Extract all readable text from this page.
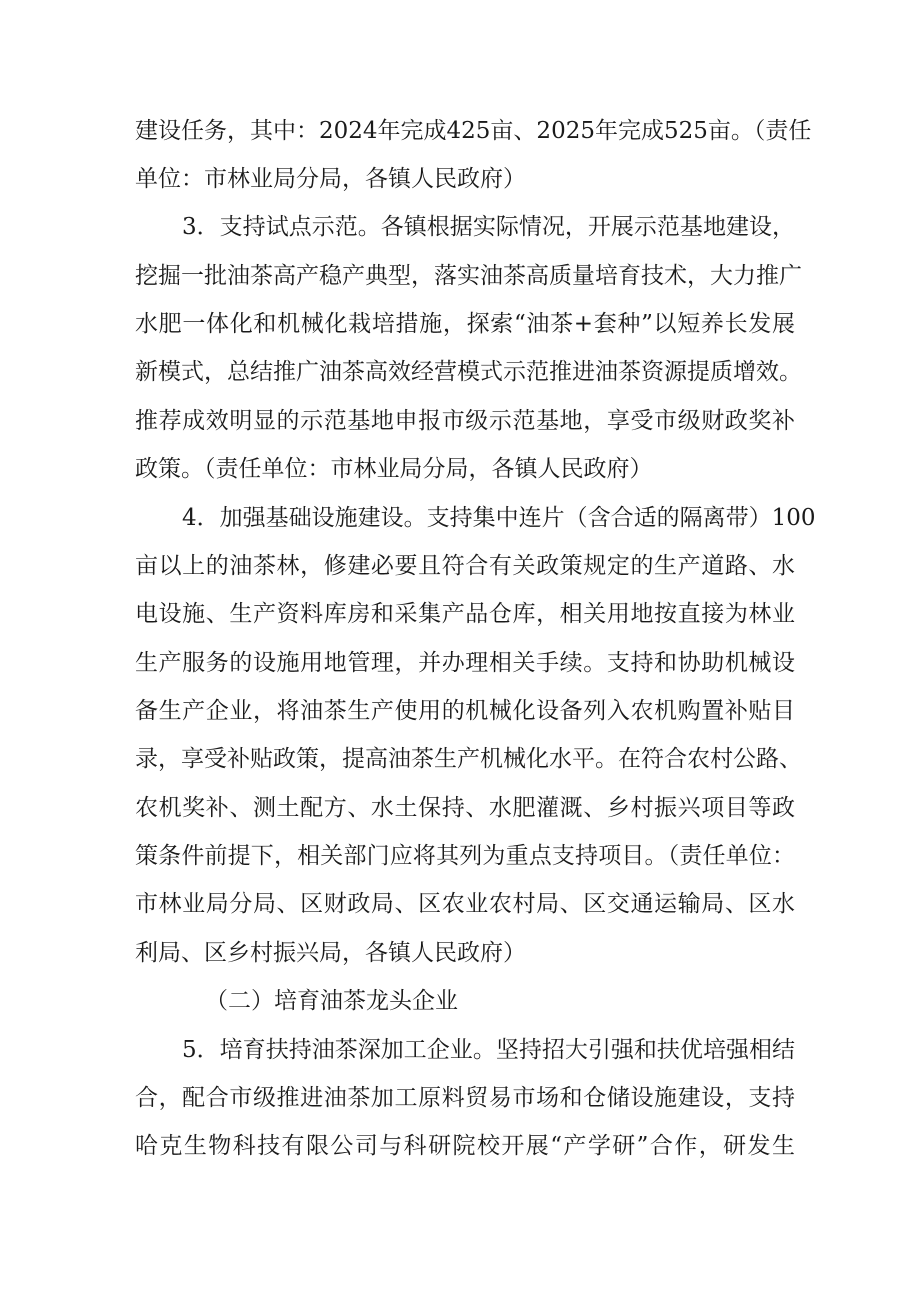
建设任务，其中：2024年完成425亩、2025年完成525亩。（责任
单位：市林业局分局，各镇人民政府）
3．支持试点示范。各镇根据实际情况，开展示范基地建设，
挖掘一批油茶高产稳产典型，落实油茶高质量培育技术，大力推广
水肥一体化和机械化栽培措施，探索“油茶+套种”以短养长发展
新模式，总结推广油茶高效经营模式示范推进油茶资源提质增效。
推荐成效明显的示范基地申报市级示范基地，享受市级财政奖补
政策。（责任单位：市林业局分局，各镇人民政府）
4．加强基础设施建设。支持集中连片（含合适的隔离带）100
亩以上的油茶林，修建必要且符合有关政策规定的生产道路、水
电设施、生产资料库房和采集产品仓库，相关用地按直接为林业
生产服务的设施用地管理，并办理相关手续。支持和协助机械设
备生产企业，将油茶生产使用的机械化设备列入农机购置补贴目
录，享受补贴政策，提高油茶生产机械化水平。在符合农村公路、
农机奖补、测土配方、水土保持、水肥灌溉、乡村振兴项目等政
策条件前提下，相关部门应将其列为重点支持项目。（责任单位：
市林业局分局、区财政局、区农业农村局、区交通运输局、区水
利局、区乡村振兴局，各镇人民政府）
（二）培育油茶龙头企业
5．培育扶持油茶深加工企业。坚持招大引强和扶优培强相结
合，配合市级推进油茶加工原料贸易市场和仓储设施建设，支持
哈克生物科技有限公司与科研院校开展“产学研”合作，研发生
